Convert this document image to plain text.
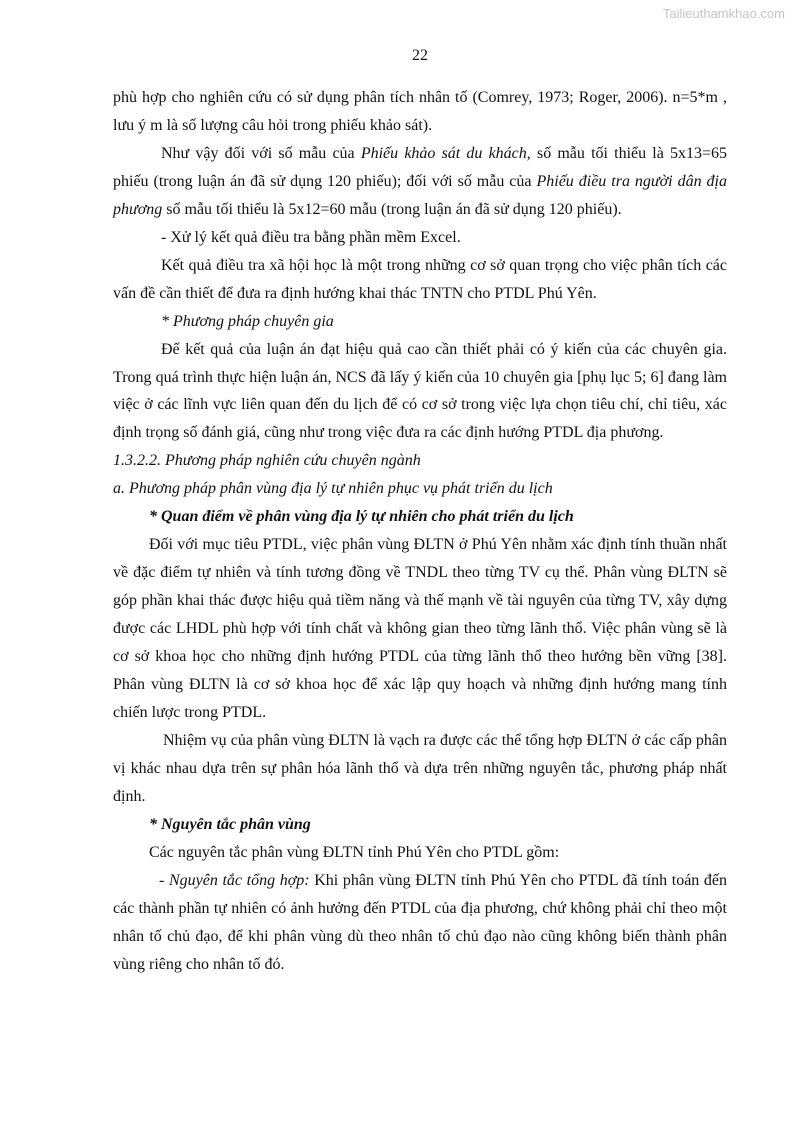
Tailieuthamkhao.com
22

phù hợp cho nghiên cứu có sử dụng phân tích nhân tố (Comrey, 1973; Roger, 2006). n=5*m , lưu ý m là số lượng câu hỏi trong phiếu khảo sát).

Như vậy đối với số mẫu của Phiếu khảo sát du khách, số mẫu tối thiểu là 5x13=65 phiếu (trong luận án đã sử dụng 120 phiếu); đối với số mẫu của Phiếu điều tra người dân địa phương số mẫu tối thiểu là 5x12=60 mẫu (trong luận án đã sử dụng 120 phiếu).

- Xử lý kết quả điều tra bằng phần mềm Excel.

Kết quả điều tra xã hội học là một trong những cơ sở quan trọng cho việc phân tích các vấn đề cần thiết để đưa ra định hướng khai thác TNTN cho PTDL Phú Yên.

* Phương pháp chuyên gia

Để kết quả của luận án đạt hiệu quả cao cần thiết phải có ý kiến của các chuyên gia. Trong quá trình thực hiện luận án, NCS đã lấy ý kiến của 10 chuyên gia [phụ lục 5; 6] đang làm việc ở các lĩnh vực liên quan đến du lịch để có cơ sở trong việc lựa chọn tiêu chí, chỉ tiêu, xác định trọng số đánh giá, cũng như trong việc đưa ra các định hướng PTDL địa phương.

1.3.2.2. Phương pháp nghiên cứu chuyên ngành

a. Phương pháp phân vùng địa lý tự nhiên phục vụ phát triển du lịch

* Quan điểm về phân vùng địa lý tự nhiên cho phát triển du lịch

Đối với mục tiêu PTDL, việc phân vùng ĐLTN ở Phú Yên nhằm xác định tính thuần nhất về đặc điểm tự nhiên và tính tương đồng về TNDL theo từng TV cụ thể. Phân vùng ĐLTN sẽ góp phần khai thác được hiệu quả tiềm năng và thế mạnh về tài nguyên của từng TV, xây dựng được các LHDL phù hợp với tính chất và không gian theo từng lãnh thổ. Việc phân vùng sẽ là cơ sở khoa học cho những định hướng PTDL của từng lãnh thổ theo hướng bền vững [38]. Phân vùng ĐLTN là cơ sở khoa học để xác lập quy hoạch và những định hướng mang tính chiến lược trong PTDL.

Nhiệm vụ của phân vùng ĐLTN là vạch ra được các thể tổng hợp ĐLTN ở các cấp phân vị khác nhau dựa trên sự phân hóa lãnh thổ và dựa trên những nguyên tắc, phương pháp nhất định.

* Nguyên tắc phân vùng

Các nguyên tắc phân vùng ĐLTN tỉnh Phú Yên cho PTDL gồm:

- Nguyên tắc tổng hợp: Khi phân vùng ĐLTN tỉnh Phú Yên cho PTDL đã tính toán đến các thành phần tự nhiên có ảnh hưởng đến PTDL của địa phương, chứ không phải chỉ theo một nhân tố chủ đạo, để khi phân vùng dù theo nhân tố chủ đạo nào cũng không biến thành phân vùng riêng cho nhân tố đó.
